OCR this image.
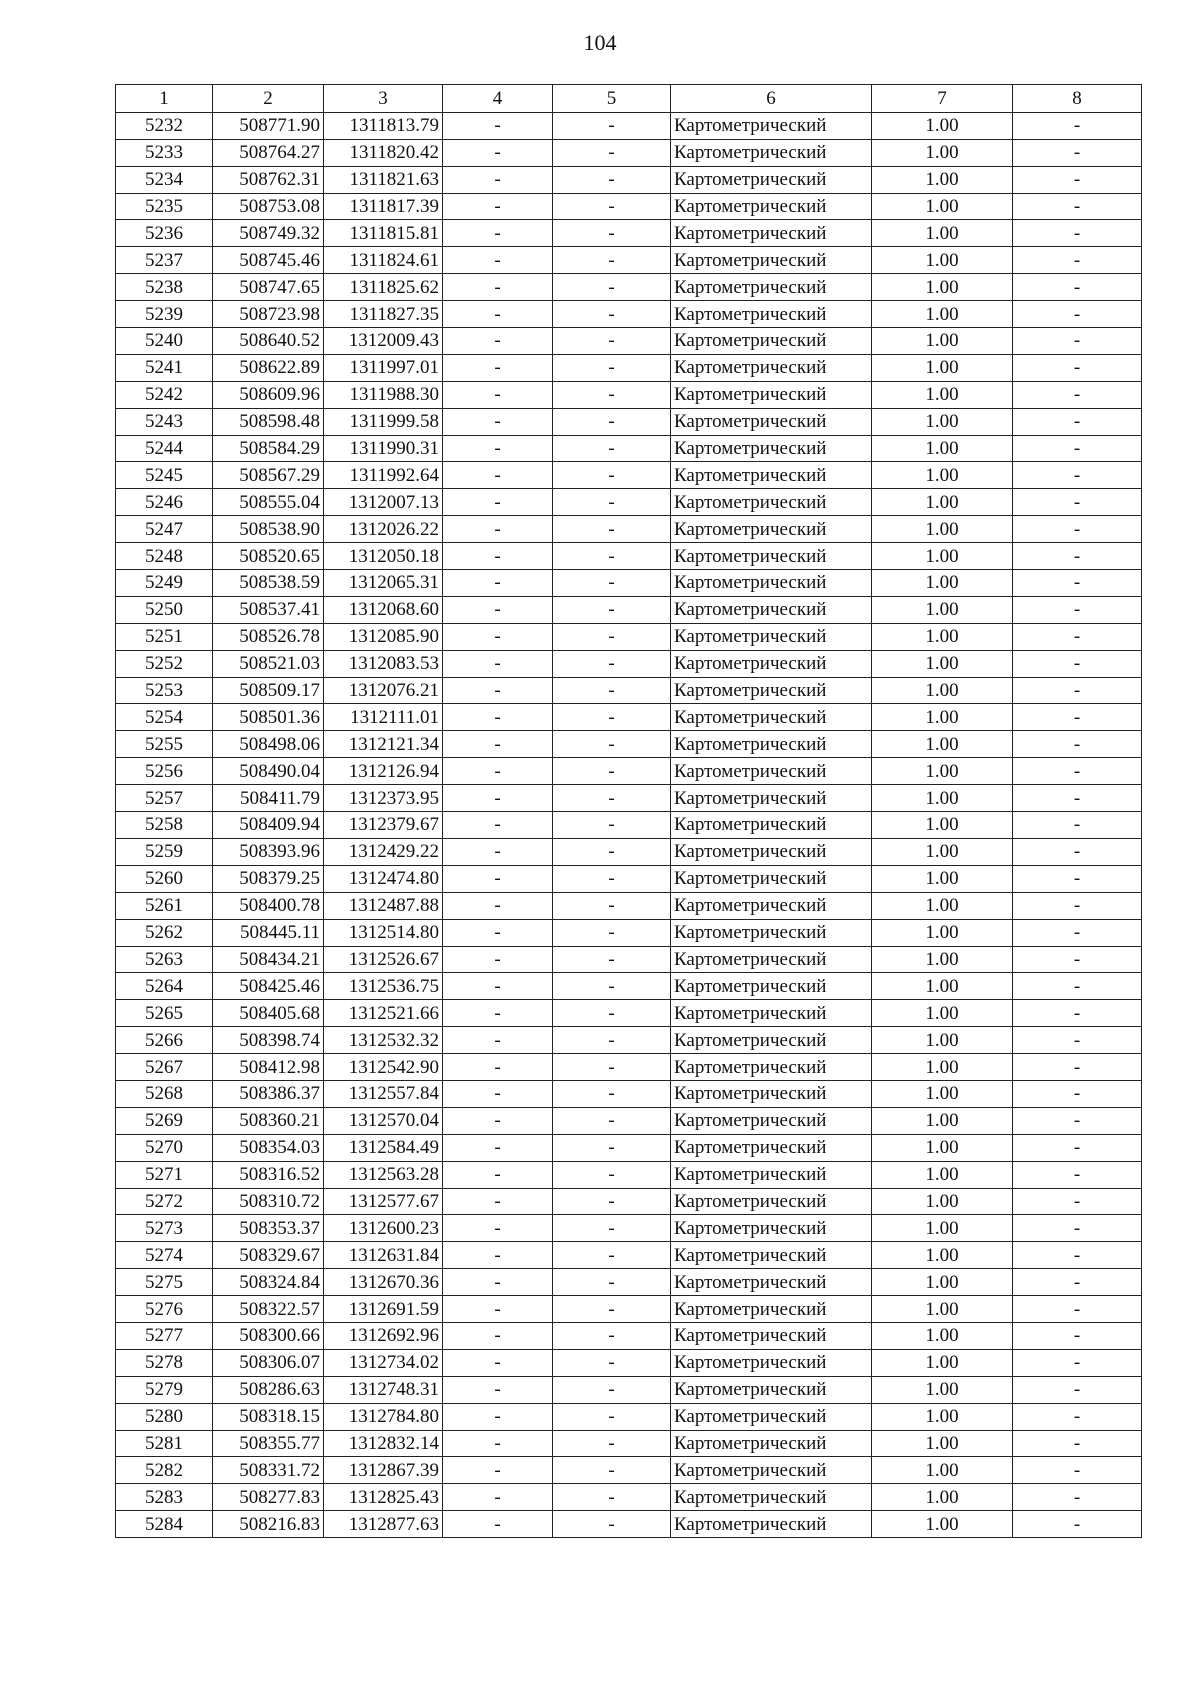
104
1	2	3	4	5	6	7	8
5232	508771.90	1311813.79	-	-	Картометрический	1.00	-
5233	508764.27	1311820.42	-	-	Картометрический	1.00	-
5234	508762.31	1311821.63	-	-	Картометрический	1.00	-
5235	508753.08	1311817.39	-	-	Картометрический	1.00	-
5236	508749.32	1311815.81	-	-	Картометрический	1.00	-
5237	508745.46	1311824.61	-	-	Картометрический	1.00	-
5238	508747.65	1311825.62	-	-	Картометрический	1.00	-
5239	508723.98	1311827.35	-	-	Картометрический	1.00	-
5240	508640.52	1312009.43	-	-	Картометрический	1.00	-
5241	508622.89	1311997.01	-	-	Картометрический	1.00	-
5242	508609.96	1311988.30	-	-	Картометрический	1.00	-
5243	508598.48	1311999.58	-	-	Картометрический	1.00	-
5244	508584.29	1311990.31	-	-	Картометрический	1.00	-
5245	508567.29	1311992.64	-	-	Картометрический	1.00	-
5246	508555.04	1312007.13	-	-	Картометрический	1.00	-
5247	508538.90	1312026.22	-	-	Картометрический	1.00	-
5248	508520.65	1312050.18	-	-	Картометрический	1.00	-
5249	508538.59	1312065.31	-	-	Картометрический	1.00	-
5250	508537.41	1312068.60	-	-	Картометрический	1.00	-
5251	508526.78	1312085.90	-	-	Картометрический	1.00	-
5252	508521.03	1312083.53	-	-	Картометрический	1.00	-
5253	508509.17	1312076.21	-	-	Картометрический	1.00	-
5254	508501.36	1312111.01	-	-	Картометрический	1.00	-
5255	508498.06	1312121.34	-	-	Картометрический	1.00	-
5256	508490.04	1312126.94	-	-	Картометрический	1.00	-
5257	508411.79	1312373.95	-	-	Картометрический	1.00	-
5258	508409.94	1312379.67	-	-	Картометрический	1.00	-
5259	508393.96	1312429.22	-	-	Картометрический	1.00	-
5260	508379.25	1312474.80	-	-	Картометрический	1.00	-
5261	508400.78	1312487.88	-	-	Картометрический	1.00	-
5262	508445.11	1312514.80	-	-	Картометрический	1.00	-
5263	508434.21	1312526.67	-	-	Картометрический	1.00	-
5264	508425.46	1312536.75	-	-	Картометрический	1.00	-
5265	508405.68	1312521.66	-	-	Картометрический	1.00	-
5266	508398.74	1312532.32	-	-	Картометрический	1.00	-
5267	508412.98	1312542.90	-	-	Картометрический	1.00	-
5268	508386.37	1312557.84	-	-	Картометрический	1.00	-
5269	508360.21	1312570.04	-	-	Картометрический	1.00	-
5270	508354.03	1312584.49	-	-	Картометрический	1.00	-
5271	508316.52	1312563.28	-	-	Картометрический	1.00	-
5272	508310.72	1312577.67	-	-	Картометрический	1.00	-
5273	508353.37	1312600.23	-	-	Картометрический	1.00	-
5274	508329.67	1312631.84	-	-	Картометрический	1.00	-
5275	508324.84	1312670.36	-	-	Картометрический	1.00	-
5276	508322.57	1312691.59	-	-	Картометрический	1.00	-
5277	508300.66	1312692.96	-	-	Картометрический	1.00	-
5278	508306.07	1312734.02	-	-	Картометрический	1.00	-
5279	508286.63	1312748.31	-	-	Картометрический	1.00	-
5280	508318.15	1312784.80	-	-	Картометрический	1.00	-
5281	508355.77	1312832.14	-	-	Картометрический	1.00	-
5282	508331.72	1312867.39	-	-	Картометрический	1.00	-
5283	508277.83	1312825.43	-	-	Картометрический	1.00	-
5284	508216.83	1312877.63	-	-	Картометрический	1.00	-
